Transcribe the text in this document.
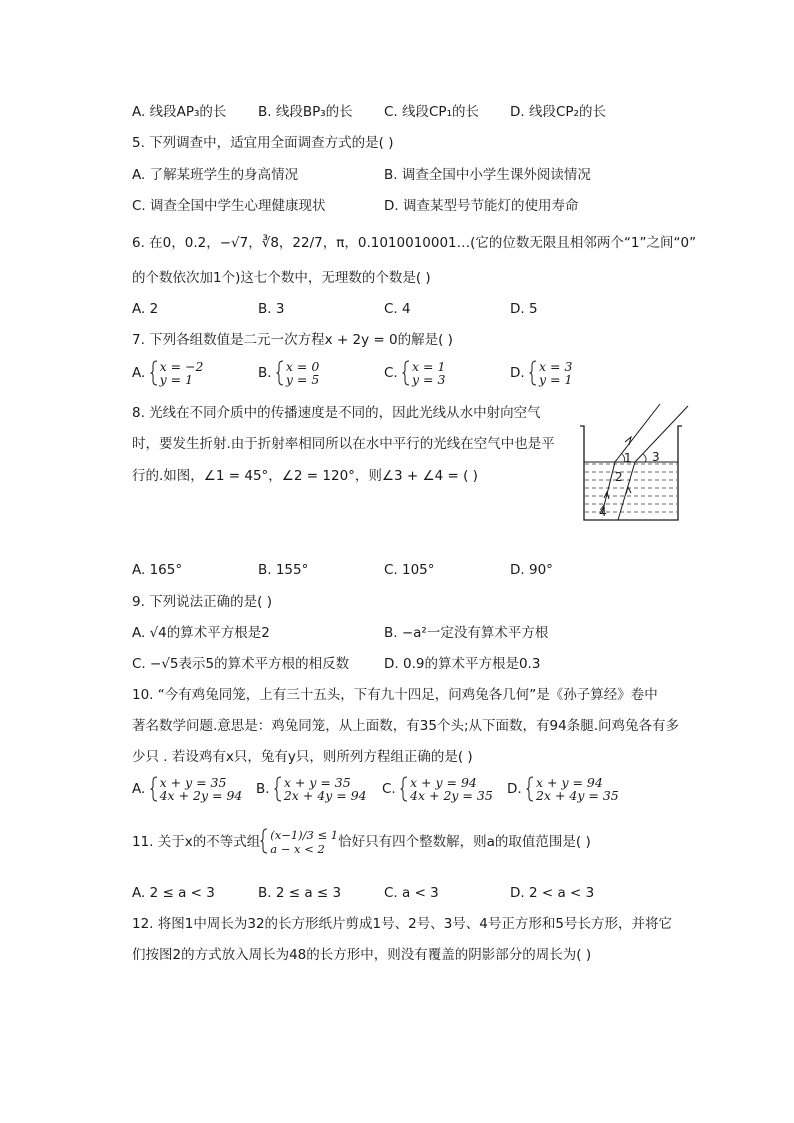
A. 线段AP₃的长 B. 线段BP₃的长 C. 线段CP₁的长 D. 线段CP₂的长
5. 下列调查中，适宜用全面调查方式的是( )
A. 了解某班学生的身高情况	B. 调查全国中小学生课外阅读情况
C. 调查全国中学生心理健康现状	D. 调查某型号节能灯的使用寿命
6. 在0，0.2，−√7，∛8，22/7，π，0.1010010001…(它的位数无限且相邻两个“1”之间“0”
的个数依次加1个)这七个数中，无理数的个数是( )
A. 2	B. 3	C. 4	D. 5
7. 下列各组数值是二元一次方程x + 2y = 0的解是( )
A. x = −2
y = 1	B. x = 0
y = 5	C. x = 1
y = 3	D. x = 3
y = 1
8. 光线在不同介质中的传播速度是不同的，因此光线从水中射向空气
时，要发生折射.由于折射率相同所以在水中平行的光线在空气中也是平
行的.如图，∠1 = 45°，∠2 = 120°，则∠3 + ∠4 = ( )
1
2
3
4
A. 165°	B. 155°	C. 105°	D. 90°
9. 下列说法正确的是( )
A. √4的算术平方根是2	B. −a²一定没有算术平方根
C. −√5表示5的算术平方根的相反数	D. 0.9的算术平方根是0.3
10. “今有鸡兔同笼，上有三十五头，下有九十四足，问鸡兔各几何”是《孙子算经》卷中
著名数学问题.意思是：鸡兔同笼，从上面数，有35个头;从下面数，有94条腿.问鸡兔各有多
少只 . 若设鸡有x只，兔有y只，则所列方程组正确的是( )
A. x + y = 35
4x + 2y = 94 B. x + y = 35
2x + 4y = 94 C. x + y = 94
4x + 2y = 35 D. x + y = 94
2x + 4y = 35
11. 关于x的不等式组 (x−1)/3 ≤ 1
a − x < 2 恰好只有四个整数解，则a的取值范围是( )
A. 2 ≤ a < 3	B. 2 ≤ a ≤ 3	C. a < 3	D. 2 < a < 3
12. 将图1中周长为32的长方形纸片剪成1号、2号、3号、4号正方形和5号长方形，并将它
们按图2的方式放入周长为48的长方形中，则没有覆盖的阴影部分的周长为( )
